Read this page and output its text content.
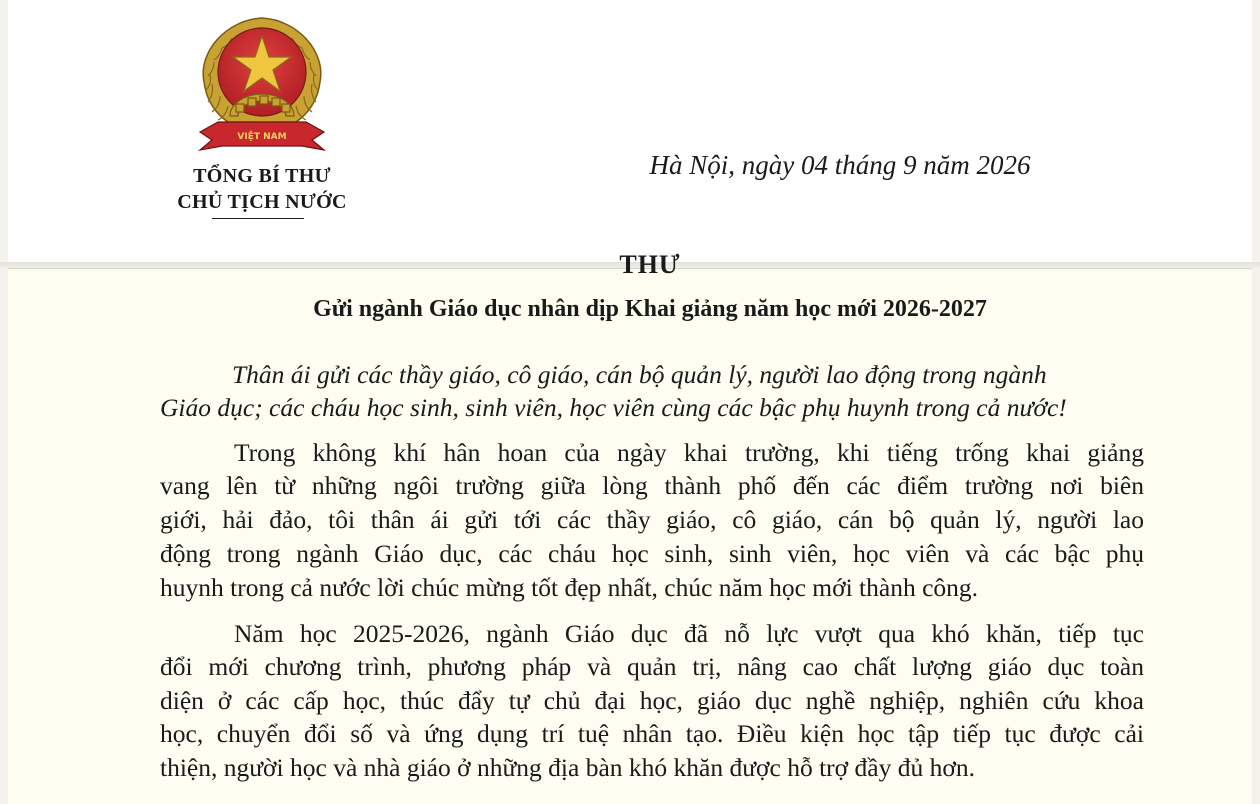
VIỆT NAM
TỔNG BÍ THƯ
CHỦ TỊCH NƯỚC
Hà Nội, ngày 04 tháng 9 năm 2026
THƯ
Gửi ngành Giáo dục nhân dịp Khai giảng năm học mới 2026-2027
Thân ái gửi các thầy giáo, cô giáo, cán bộ quản lý, người lao động trong ngành
Giáo dục; các cháu học sinh, sinh viên, học viên cùng các bậc phụ huynh trong cả nước!
Trong không khí hân hoan của ngày khai trường, khi tiếng trống khai giảng
vang lên từ những ngôi trường giữa lòng thành phố đến các điểm trường nơi biên
giới, hải đảo, tôi thân ái gửi tới các thầy giáo, cô giáo, cán bộ quản lý, người lao
động trong ngành Giáo dục, các cháu học sinh, sinh viên, học viên và các bậc phụ
huynh trong cả nước lời chúc mừng tốt đẹp nhất, chúc năm học mới thành công.
Năm học 2025-2026, ngành Giáo dục đã nỗ lực vượt qua khó khăn, tiếp tục
đổi mới chương trình, phương pháp và quản trị, nâng cao chất lượng giáo dục toàn
diện ở các cấp học, thúc đẩy tự chủ đại học, giáo dục nghề nghiệp, nghiên cứu khoa
học, chuyển đổi số và ứng dụng trí tuệ nhân tạo. Điều kiện học tập tiếp tục được cải
thiện, người học và nhà giáo ở những địa bàn khó khăn được hỗ trợ đầy đủ hơn.
